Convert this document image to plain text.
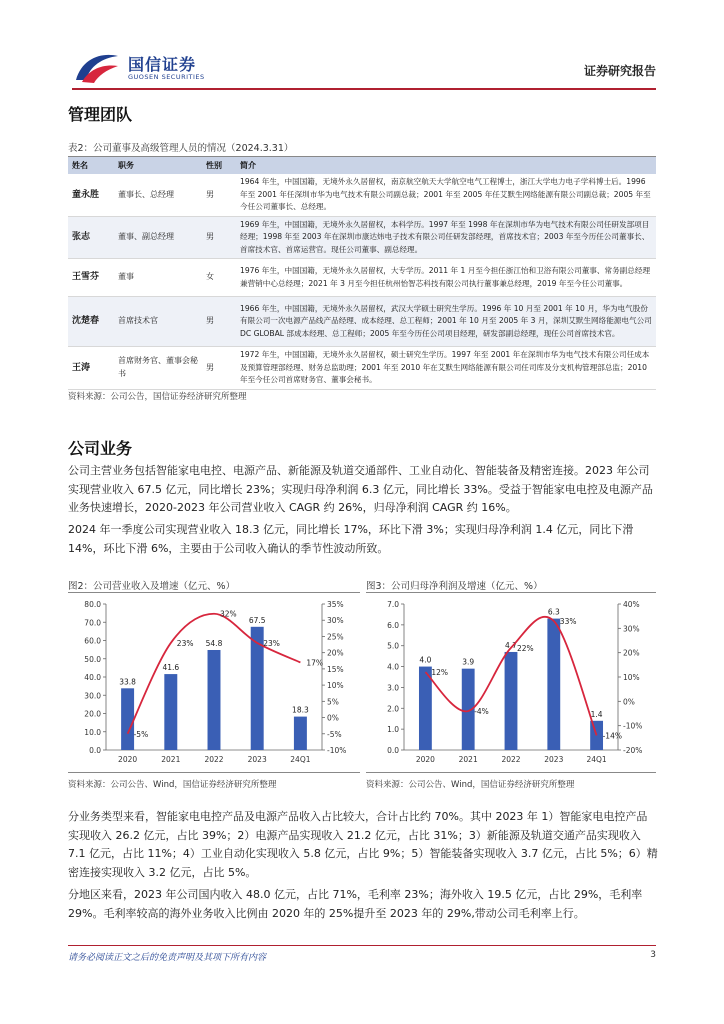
国信证券
GUOSEN SECURITIES	证券研究报告
管理团队
表2：公司董事及高级管理人员的情况（2024.3.31）
姓名	职务	性别	简介
童永胜	董事长、总经理	男	1964 年生，中国国籍，无境外永久居留权，南京航空航天大学航空电气工程博士，浙江大学电力电子学科博士后。1996 年至 2001 年任深圳市华为电气技术有限公司副总裁；2001 年至 2005 年任艾默生网络能源有限公司副总裁；2005 年至今任公司董事长、总经理。
张志	董事、副总经理	男	1969 年生，中国国籍，无境外永久居留权，本科学历。1997 年至 1998 年在深圳市华为电气技术有限公司任研发部项目经理；1998 年至 2003 年在深圳市康达炜电子技术有限公司任研发部经理，首席技术官；2003 年至今历任公司董事长、首席技术官、首席运营官。现任公司董事、副总经理。
王雪芬	董事	女	1976 年生，中国国籍，无境外永久居留权，大专学历。2011 年 1 月至今担任浙江怡和卫浴有限公司董事、常务副总经理兼营销中心总经理；2021 年 3 月至今担任杭州怡智芯科技有限公司执行董事兼总经理，2019 年至今任公司董事。
沈楚春	首席技术官	男	1966 年生，中国国籍，无境外永久居留权，武汉大学硕士研究生学历。1996 年 10 月至 2001 年 10 月，华为电气股份有限公司一次电源产品线产品经理、成本经理、总工程师；2001 年 10 月至 2005 年 3 月，深圳艾默生网络能源电气公司 DC GLOBAL 部成本经理、总工程师；2005 年至今历任公司项目经理，研发部副总经理，现任公司首席技术官。
王涛	首席财务官、董事会秘书	男	1972 年生，中国国籍，无境外永久居留权，硕士研究生学历。1997 年至 2001 年在深圳市华为电气技术有限公司任成本及预算管理部经理、财务总监助理；2001 年至 2010 年在艾默生网络能源有限公司任司库及分支机构管理部总监；2010 年至今任公司首席财务官、董事会秘书。
资料来源：公司公告，国信证券经济研究所整理
公司业务
公司主营业务包括智能家电电控、电源产品、新能源及轨道交通部件、工业自动化、智能装备及精密连接。2023 年公司实现营业收入 67.5 亿元，同比增长 23%；实现归母净利润 6.3 亿元，同比增长 33%。受益于智能家电电控及电源产品业务快速增长，2020-2023 年公司营业收入 CAGR 约 26%，归母净利润 CAGR 约 16%。
2024 年一季度公司实现营业收入 18.3 亿元，同比增长 17%，环比下滑 3%；实现归母净利润 1.4 亿元，同比下滑 14%，环比下滑 6%，主要由于公司收入确认的季节性波动所致。
图2：公司营业收入及增速（亿元、%）
0.0
10.0
20.0
30.0
40.0
50.0
60.0
70.0
80.0
-10%
-5%
0%
5%
10%
15%
20%
25%
30%
35%
33.8
41.6
54.8
67.5
18.3
2020	2021	2022	2023	24Q1
-5%
23%
32%
23%
17%
资料来源：公司公告、Wind，国信证券经济研究所整理
图3：公司归母净利润及增速（亿元、%）
0.0
1.0
2.0
3.0
4.0
5.0
6.0
7.0
-20%
-10%
0%
10%
20%
30%
40%
4.0	3.9
4.7
6.3
1.4
2020	2021	2022	2023	24Q1
12%
-4%
22%
33%
-14%
资料来源：公司公告、Wind，国信证券经济研究所整理
分业务类型来看，智能家电电控产品及电源产品收入占比较大，合计占比约 70%。其中 2023 年 1）智能家电电控产品实现收入 26.2 亿元，占比 39%；2）电源产品实现收入 21.2 亿元，占比 31%；3）新能源及轨道交通产品实现收入 7.1 亿元，占比 11%；4）工业自动化实现收入 5.8 亿元，占比 9%；5）智能装备实现收入 3.7 亿元，占比 5%；6）精密连接实现收入 3.2 亿元，占比 5%。
分地区来看，2023 年公司国内收入 48.0 亿元，占比 71%，毛利率 23%；海外收入 19.5 亿元，占比 29%，毛利率 29%。毛利率较高的海外业务收入比例由 2020 年的 25%提升至 2023 年的 29%,带动公司毛利率上行。
请务必阅读正文之后的免责声明及其项下所有内容	3
